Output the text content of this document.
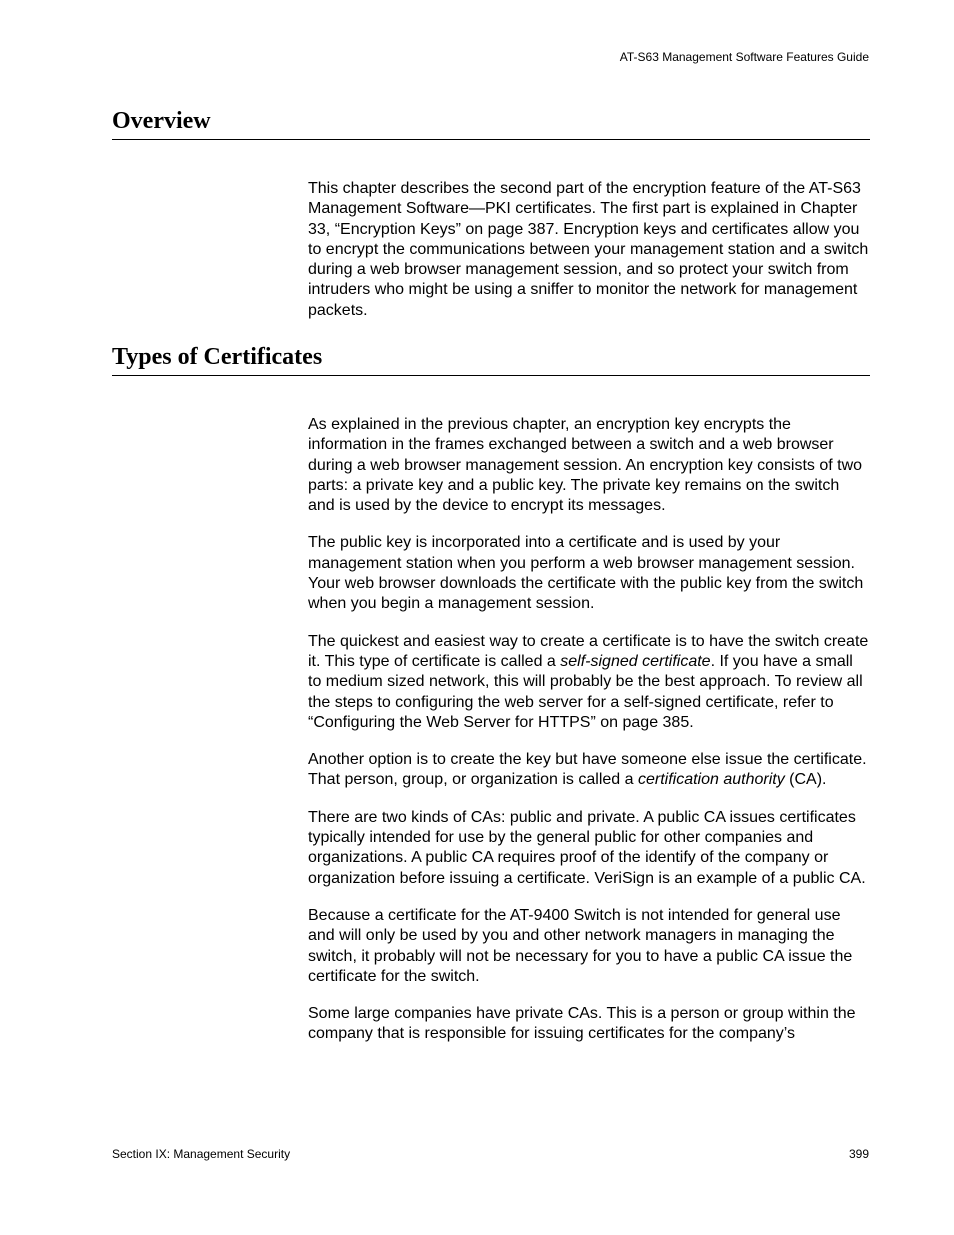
AT-S63 Management Software Features Guide
Overview

This chapter describes the second part of the encryption feature of the AT-S63 Management Software—PKI certificates. The first part is explained in Chapter 33, “Encryption Keys” on page 387. Encryption keys and certificates allow you to encrypt the communications between your management station and a switch during a web browser management session, and so protect your switch from intruders who might be using a sniffer to monitor the network for management packets.

Types of Certificates

As explained in the previous chapter, an encryption key encrypts the information in the frames exchanged between a switch and a web browser during a web browser management session. An encryption key consists of two parts: a private key and a public key. The private key remains on the switch and is used by the device to encrypt its messages.

The public key is incorporated into a certificate and is used by your management station when you perform a web browser management session. Your web browser downloads the certificate with the public key from the switch when you begin a management session.

The quickest and easiest way to create a certificate is to have the switch create it. This type of certificate is called a self-signed certificate. If you have a small to medium sized network, this will probably be the best approach. To review all the steps to configuring the web server for a self-signed certificate, refer to “Configuring the Web Server for HTTPS” on page 385.

Another option is to create the key but have someone else issue the certificate. That person, group, or organization is called a certification authority (CA).

There are two kinds of CAs: public and private. A public CA issues certificates typically intended for use by the general public for other companies and organizations. A public CA requires proof of the identify of the company or organization before issuing a certificate. VeriSign is an example of a public CA.

Because a certificate for the AT-9400 Switch is not intended for general use and will only be used by you and other network managers in managing the switch, it probably will not be necessary for you to have a public CA issue the certificate for the switch.

Some large companies have private CAs. This is a person or group within the company that is responsible for issuing certificates for the company’s

Section IX: Management Security	399
